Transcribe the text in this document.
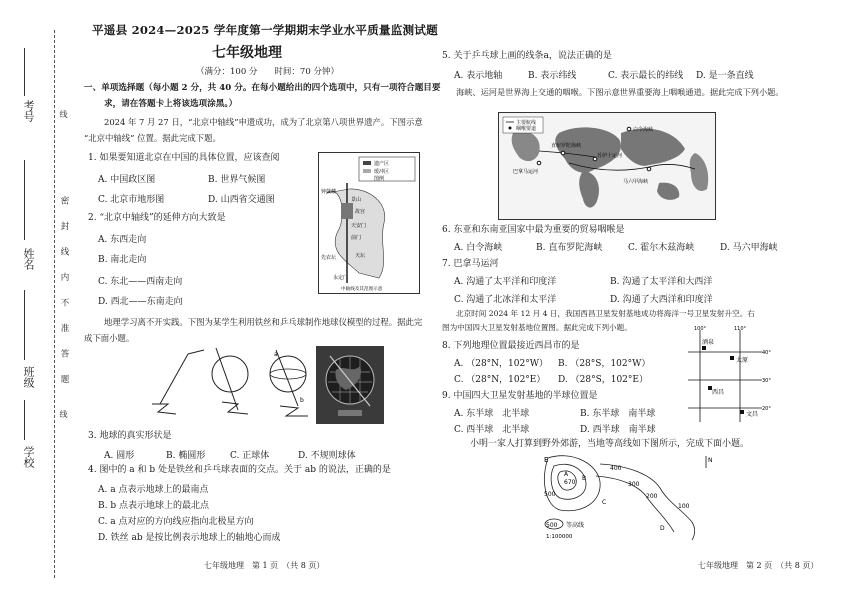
考号
姓名
班级
学校
密　　封　　线　　内　　不　　准　　答　　题
线
线
平遥县 2024—2025 学年度第一学期期末学业水平质量监测试题
七年级地理
（满分：100 分　　时间：70 分钟）
一、单项选择题（每小题 2 分，共 40 分。在每小题给出的四个选项中，只有一项符合题目要
求，请在答题卡上将该选项涂黑。）
2024 年 7 月 27 日，“北京中轴线”申遗成功，成为了北京第八项世界遗产。下图示意
“北京中轴线” 位置。据此完成下题。
1. 如果要知道北京在中国的具体位置，应该查阅
A. 中国政区图	B. 世界气候图
C. 北京市地形图	D. 山西省交通图
2. “北京中轴线”的延伸方向大致是
A. 东西走向
B. 南北走向
C. 东北——西南走向
D. 西北——东南走向
遗产区
缓冲区
图例
钟鼓楼
景山
故宫
天安门
前门
先农坛	天坛
永定门
中轴线及其范围示意
地理学习离不开实践。下图为某学生利用铁丝和乒乓球制作地球仪模型的过程。据此完
成下面小题。
a
b
3. 地球的真实形状是
A. 圆形	B. 椭圆形	C. 正球体	D. 不规则球体
4. 图中的 a 和 b 处是铁丝和乒乓球表面的交点。关于 ab 的说法，正确的是
A. a 点表示地球上的最南点
B. b 点表示地球上的最北点
C. a 点对应的方向线应指向北极星方向
D. 铁丝 ab 是按比例表示地球上的轴地心而成
七年级地理　第 1 页　（共 8 页）
5. 关于乒乓球上画的线条a，说法正确的是
A. 表示地轴	B. 表示纬线	C. 表示最长的纬线 D. 是一条直线
海峡、运河是世界海上交通的咽喉。下图示意世界重要海上咽喉通道。据此完成下列小题。
主要航线
咽喉要道	白令海峡
巴拿马运河
直布罗陀海峡
苏伊士运河
马六甲海峡
6. 东亚和东南亚国家中最为重要的贸易咽喉是
A. 白令海峡	B. 直布罗陀海峡	C. 霍尔木兹海峡	D. 马六甲海峡
7. 巴拿马运河
A. 沟通了太平洋和印度洋	B. 沟通了太平洋和大西洋
C. 沟通了北冰洋和太平洋	D. 沟通了大西洋和印度洋
北京时间 2024 年 12 月 4 日，我国西昌卫星发射基地成功将海洋一号卫星发射升空。右
图为中国四大卫星发射基地位置图。据此完成下列小题。
8. 下列地理位置最接近西昌市的是
A. （28°N，102°W） B. （28°S，102°W）
C. （28°N，102°E） D. （28°S，102°E）
9. 中国四大卫星发射基地的半球位置是
A. 东半球　北半球	B. 东半球　南半球
C. 西半球　北半球	D. 西半球　南半球
酒泉
太原
西昌
文昌
40°
30°
20°
100°	110°
小明一家人打算到野外郊游，当地等高线如下图所示，完成下面小题。
E
A
670
B
400
500
300
200
100
C
D
N
500 等高线
1:100000
七年级地理　第 2 页　（共 8 页）
